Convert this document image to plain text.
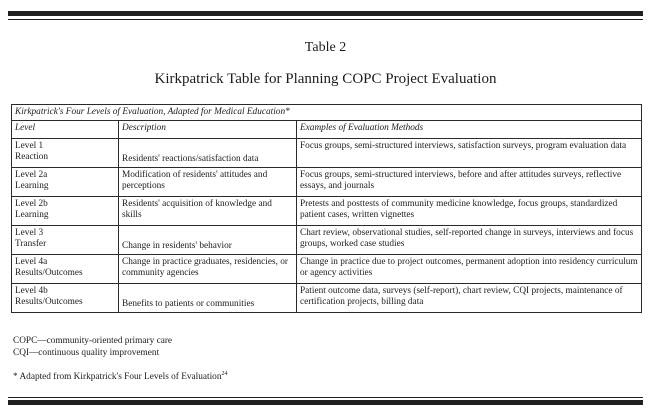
Table 2
Kirkpatrick Table for Planning COPC Project Evaluation
Kirkpatrick's Four Levels of Evaluation, Adapted for Medical Education*		
Level	Description	Examples of Evaluation Methods

Level 1
Reaction	Residents' reactions/satisfaction data	Focus groups, semi-structured interviews, satisfaction surveys, program evaluation data

Level 2a
Learning	Modification of residents' attitudes and perceptions	Focus groups, semi-structured interviews, before and after attitudes surveys, reflective essays, and journals

Level 2b
Learning	Residents' acquisition of knowledge and skills	Pretests and posttests of community medicine knowledge, focus groups, standardized patient cases, written vignettes

Level 3
Transfer	Change in residents' behavior	Chart review, observational studies, self-reported change in surveys, interviews and focus groups, worked case studies

Level 4a
Results/Outcomes	Change in practice graduates, residencies, or community agencies	Change in practice due to project outcomes, permanent adoption into residency curriculum or agency activities

Level 4b
Results/Outcomes	Benefits to patients or communities	Patient outcome data, surveys (self-report), chart review, CQI projects, maintenance of certification projects, billing data
COPC—community-oriented primary care
CQI—continuous quality improvement
* Adapted from Kirkpatrick's Four Levels of Evaluation$^{24}$
